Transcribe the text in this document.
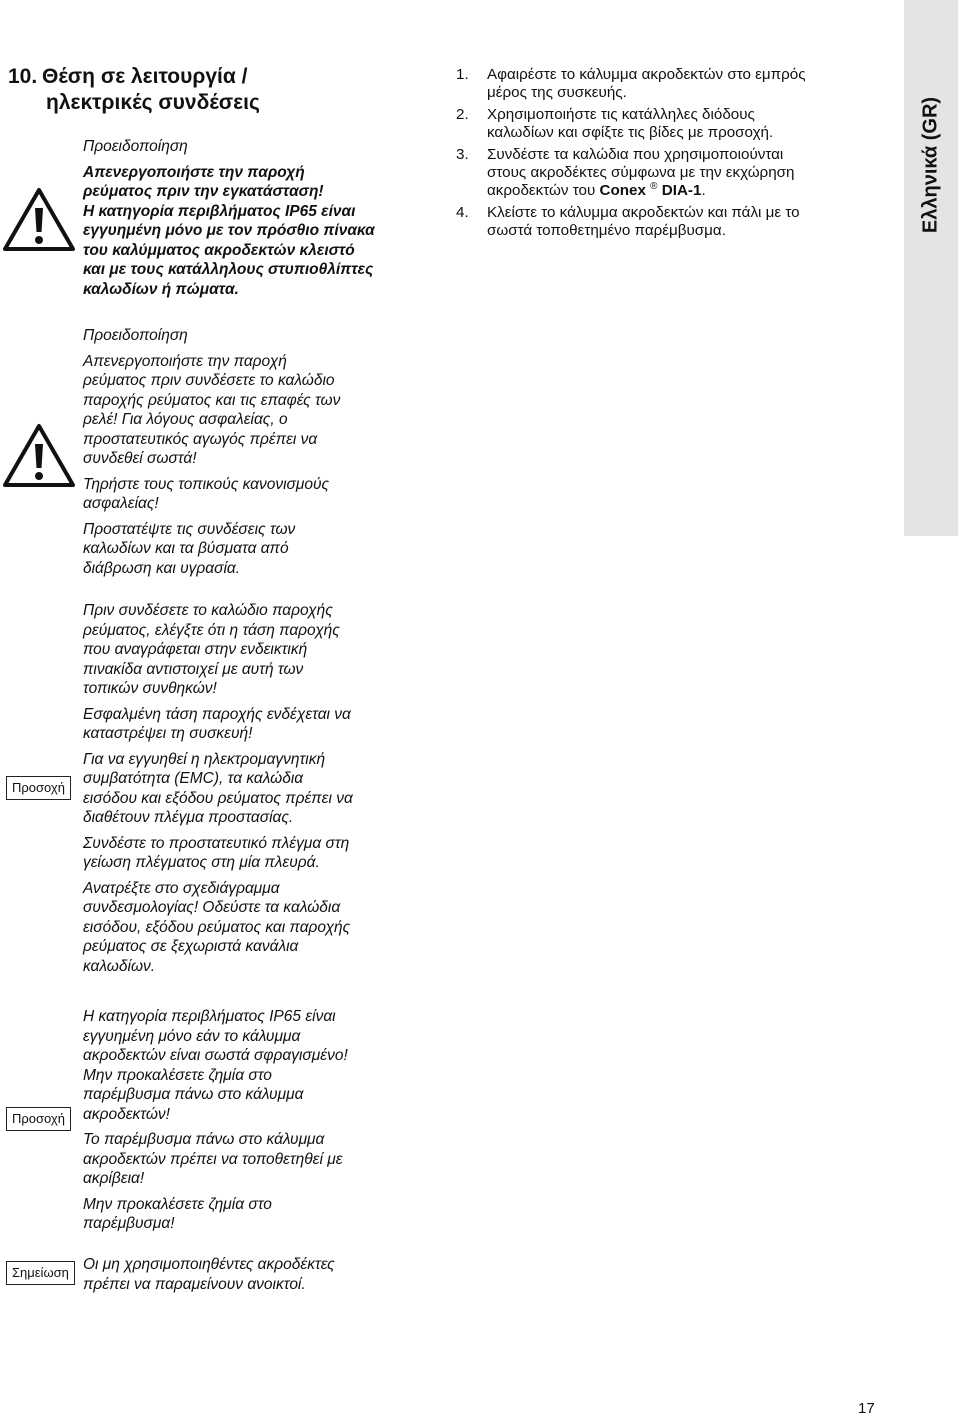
10. Θέση σε λειτουργία /
ηλεκτρικές συνδέσεις	Ελληνικά (GR)

Προειδοποίηση

Απενεργοποιήστε την παροχή
ρεύματος πριν την εγκατάσταση!
Η κατηγορία περιβλήματος IP65 είναι
εγγυημένη μόνο με τον πρόσθιο πίνακα
του καλύμματος ακροδεκτών κλειστό
και με τους κατάλληλους στυπιοθλίπτες
καλωδίων ή πώματα.

1.	Αφαιρέστε το κάλυμμα ακροδεκτών στο εμπρός
μέρος της συσκευής.
2.	Χρησιμοποιήστε τις κατάλληλες διόδους
καλωδίων και σφίξτε τις βίδες με προσοχή.
3.	Συνδέστε τα καλώδια που χρησιμοποιούνται
στους ακροδέκτες σύμφωνα με την εκχώρηση
ακροδεκτών του Conex ® DIA-1.
4.	Κλείστε το κάλυμμα ακροδεκτών και πάλι με το
σωστά τοποθετημένο παρέμβυσμα.

Προειδοποίηση

Απενεργοποιήστε την παροχή
ρεύματος πριν συνδέσετε το καλώδιο
παροχής ρεύματος και τις επαφές των
ρελέ! Για λόγους ασφαλείας, ο
προστατευτικός αγωγός πρέπει να
συνδεθεί σωστά!

Τηρήστε τους τοπικούς κανονισμούς
ασφαλείας!

Προστατέψτε τις συνδέσεις των
καλωδίων και τα βύσματα από
διάβρωση και υγρασία.

Προσοχή

Πριν συνδέσετε το καλώδιο παροχής
ρεύματος, ελέγξτε ότι η τάση παροχής
που αναγράφεται στην ενδεικτική
πινακίδα αντιστοιχεί με αυτή των
τοπικών συνθηκών!

Εσφαλμένη τάση παροχής ενδέχεται να
καταστρέψει τη συσκευή!

Για να εγγυηθεί η ηλεκτρομαγνητική
συμβατότητα (EMC), τα καλώδια
εισόδου και εξόδου ρεύματος πρέπει να
διαθέτουν πλέγμα προστασίας.

Συνδέστε το προστατευτικό πλέγμα στη
γείωση πλέγματος στη μία πλευρά.

Ανατρέξτε στο σχεδιάγραμμα
συνδεσμολογίας! Οδεύστε τα καλώδια
εισόδου, εξόδου ρεύματος και παροχής
ρεύματος σε ξεχωριστά κανάλια
καλωδίων.

Προσοχή

Η κατηγορία περιβλήματος IP65 είναι
εγγυημένη μόνο εάν το κάλυμμα
ακροδεκτών είναι σωστά σφραγισμένο!
Μην προκαλέσετε ζημία στο
παρέμβυσμα πάνω στο κάλυμμα
ακροδεκτών!

Το παρέμβυσμα πάνω στο κάλυμμα
ακροδεκτών πρέπει να τοποθετηθεί με
ακρίβεια!

Μην προκαλέσετε ζημία στο
παρέμβυσμα!

Σημείωση Οι μη χρησιμοποιηθέντες ακροδέκτες
πρέπει να παραμείνουν ανοικτοί.

17
